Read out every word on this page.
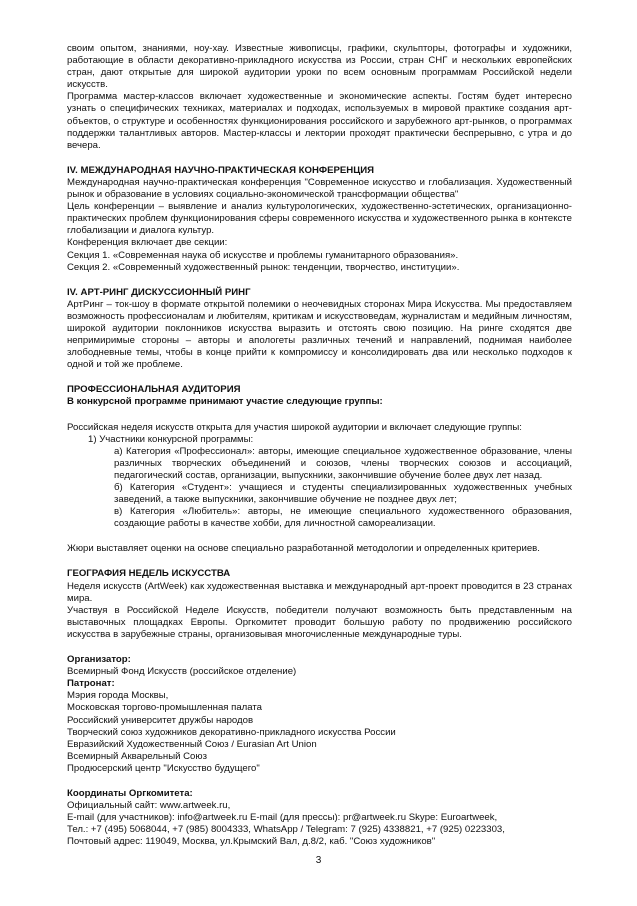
своим опытом, знаниями, ноу-хау. Известные живописцы, графики, скульпторы, фотографы и художники, работающие в области декоративно-прикладного искусства из России, стран СНГ и нескольких европейских стран, дают открытые для широкой аудитории уроки по всем основным программам Российской недели искусств.

Программа мастер-классов включает художественные и экономические аспекты. Гостям будет интересно узнать о специфических техниках, материалах и подходах, используемых в мировой практике создания арт-объектов, о структуре и особенностях функционирования российского и зарубежного арт-рынков, о программах поддержки талантливых авторов. Мастер-классы и лектории проходят практически беспрерывно, с утра и до вечера.

IV. МЕЖДУНАРОДНАЯ НАУЧНО-ПРАКТИЧЕСКАЯ КОНФЕРЕНЦИЯ

Международная научно-практическая конференция "Современное искусство и глобализация. Художественный рынок и образование в условиях социально-экономической трансформации общества"

Цель конференции – выявление и анализ культурологических, художественно-эстетических, организационно-практических проблем функционирования сферы современного искусства и художественного рынка в контексте глобализации и диалога культур.

Конференция включает две секции:

Секция 1. «Современная наука об искусстве и проблемы гуманитарного образования».

Секция 2. «Современный художественный рынок: тенденции, творчество, институции».

IV. АРТ-РИНГ ДИСКУССИОННЫЙ РИНГ

АртРинг – ток-шоу в формате открытой полемики о неочевидных сторонах Мира Искусства. Мы предоставляем возможность профессионалам и любителям, критикам и искусствоведам, журналистам и медийным личностям, широкой аудитории поклонников искусства выразить и отстоять свою позицию. На ринге сходятся две непримиримые стороны – авторы и апологеты различных течений и направлений, поднимая наиболее злободневные темы, чтобы в конце прийти к компромиссу и консолидировать два или несколько подходов к одной и той же проблеме.

ПРОФЕССИОНАЛЬНАЯ АУДИТОРИЯ

В конкурсной программе принимают участие следующие группы:

Российская неделя искусств открыта для участия широкой аудитории и включает следующие группы:

1) Участники конкурсной программы:

а) Категория «Профессионал»: авторы, имеющие специальное художественное образование, члены различных творческих объединений и союзов, члены творческих союзов и ассоциаций, педагогический состав, организации, выпускники, закончившие обучение более двух лет назад.

б) Категория «Студент»: учащиеся и студенты специализированных художественных учебных заведений, а также выпускники, закончившие обучение не позднее двух лет;

в) Категория «Любитель»: авторы, не имеющие специального художественного образования, создающие работы в качестве хобби, для личностной самореализации.

Жюри выставляет оценки на основе специально разработанной методологии и определенных критериев.

ГЕОГРАФИЯ НЕДЕЛЬ ИСКУССТВА

Неделя искусств (ArtWeek) как художественная выставка и международный арт-проект проводится в 23 странах мира.

Участвуя в Российской Неделе Искусств, победители получают возможность быть представленным на выставочных площадках Европы. Оргкомитет проводит большую работу по продвижению российского искусства в зарубежные страны, организовывая многочисленные международные туры.

Организатор:

Всемирный Фонд Искусств (российское отделение)

Патронат:

Мэрия города Москвы,

Московская торгово-промышленная палата

Российский университет дружбы народов

Творческий союз художников декоративно-прикладного искусства России

Евразийский Художественный Союз / Eurasian Art Union

Всемирный Акварельный Союз

Продюсерский центр "Искусство будущего"

Координаты Оргкомитета:

Официальный сайт: www.artweek.ru,

E-mail (для участников): info@artweek.ru E-mail (для прессы): pr@artweek.ru Skype: Euroartweek,

Тел.: +7 (495) 5068044, +7 (985) 8004333, WhatsApp / Telegram: 7 (925) 4338821, +7 (925) 0223303,

Почтовый адрес: 119049, Москва, ул.Крымский Вал, д.8/2, каб. "Союз художников"

3
